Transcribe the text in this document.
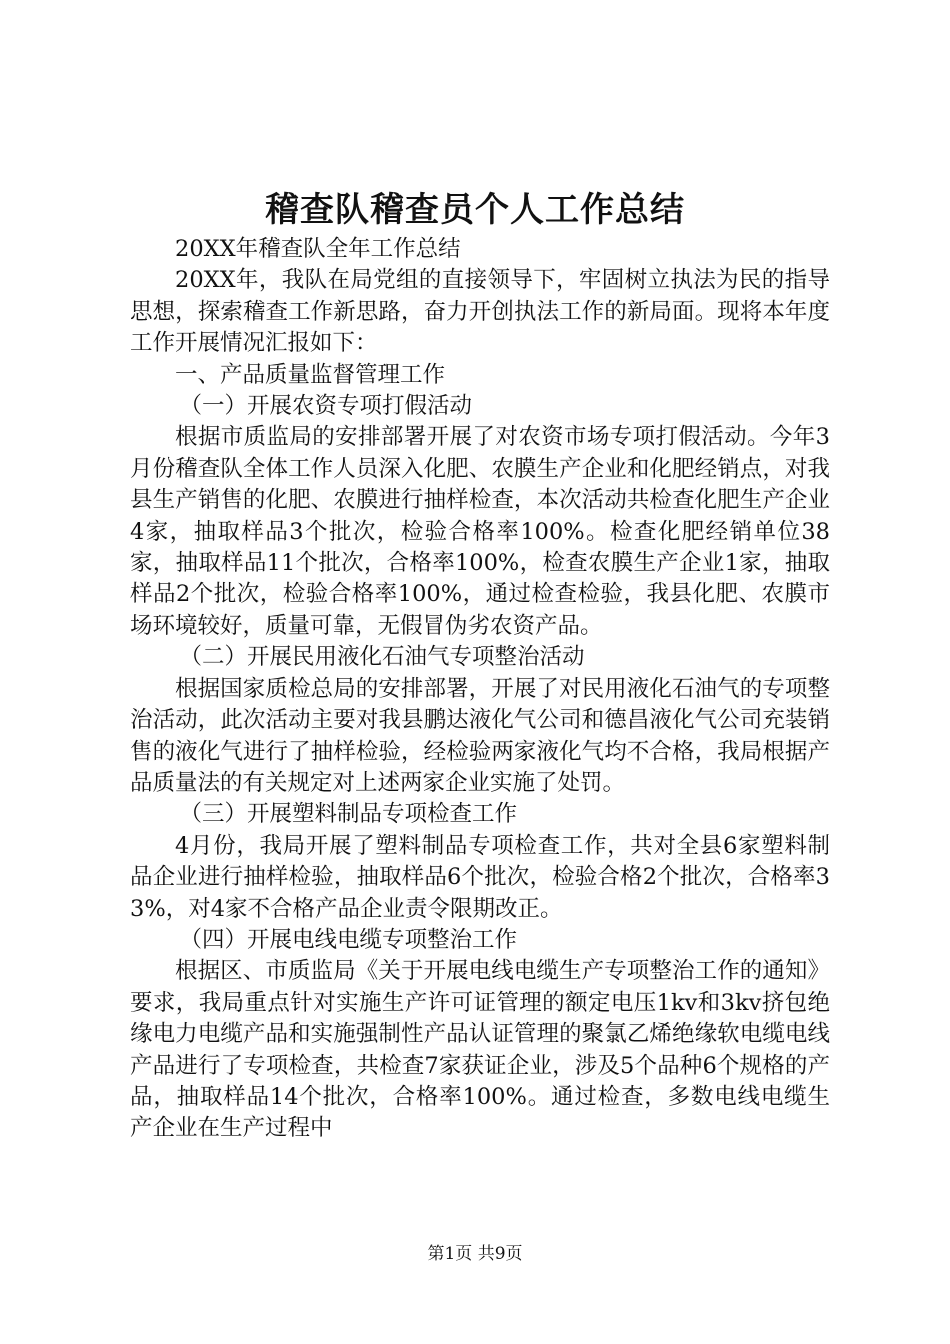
稽查队稽查员个人工作总结

20XX年稽查队全年工作总结

20XX年，我队在局党组的直接领导下，牢固树立执法为民的指导思想，探索稽查工作新思路，奋力开创执法工作的新局面。现将本年度工作开展情况汇报如下：

一、产品质量监督管理工作

（一）开展农资专项打假活动

根据市质监局的安排部署开展了对农资市场专项打假活动。今年3月份稽查队全体工作人员深入化肥、农膜生产企业和化肥经销点，对我县生产销售的化肥、农膜进行抽样检查，本次活动共检查化肥生产企业4家，抽取样品3个批次，检验合格率100%。检查化肥经销单位38家，抽取样品11个批次，合格率100%，检查农膜生产企业1家，抽取样品2个批次，检验合格率100%，通过检查检验，我县化肥、农膜市场环境较好，质量可靠，无假冒伪劣农资产品。

（二）开展民用液化石油气专项整治活动

根据国家质检总局的安排部署，开展了对民用液化石油气的专项整治活动，此次活动主要对我县鹏达液化气公司和德昌液化气公司充装销售的液化气进行了抽样检验，经检验两家液化气均不合格，我局根据产品质量法的有关规定对上述两家企业实施了处罚。

（三）开展塑料制品专项检查工作

4月份，我局开展了塑料制品专项检查工作，共对全县6家塑料制品企业进行抽样检验，抽取样品6个批次，检验合格2个批次，合格率33%，对4家不合格产品企业责令限期改正。

（四）开展电线电缆专项整治工作

根据区、市质监局《关于开展电线电缆生产专项整治工作的通知》要求，我局重点针对实施生产许可证管理的额定电压1kv和3kv挤包绝缘电力电缆产品和实施强制性产品认证管理的聚氯乙烯绝缘软电缆电线产品进行了专项检查，共检查7家获证企业，涉及5个品种6个规格的产品，抽取样品14个批次，合格率100%。通过检查，多数电线电缆生产企业在生产过程中

第1页 共9页
